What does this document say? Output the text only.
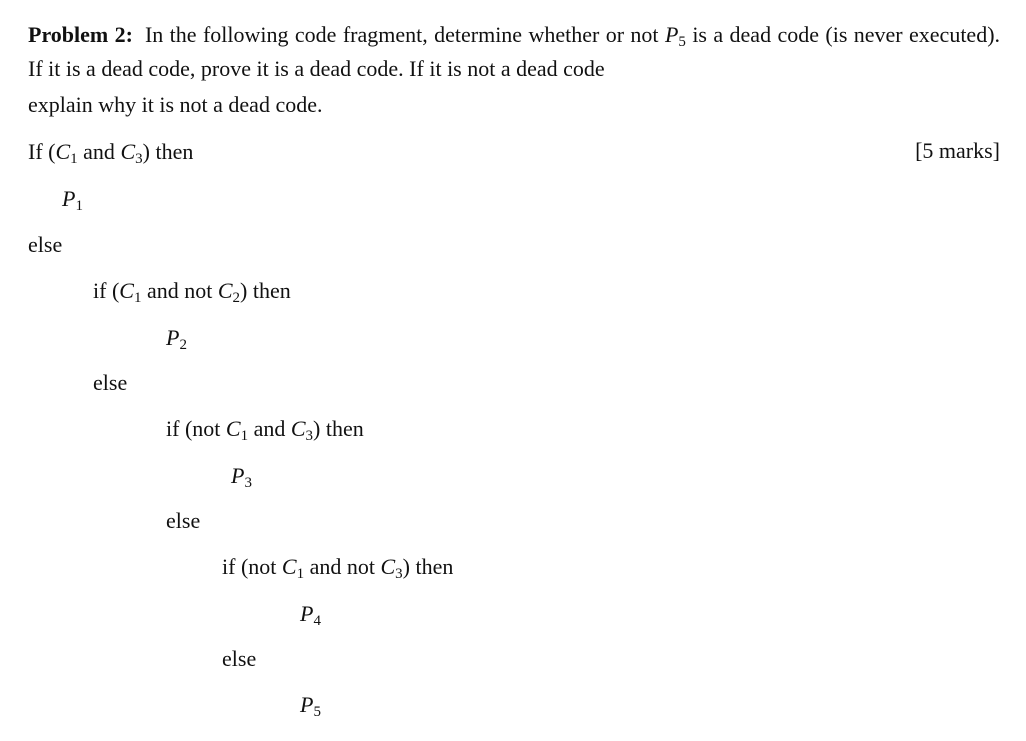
Problem 2: In the following code fragment, determine whether or not $P_5$ is a dead code (is never executed). If it is a dead code, prove it is a dead code. If it is not a dead code
explain why it is not a dead code.
[5 marks]
If ($C_1$ and $C_3$) then
$P_1$
else
if ($C_1$ and not $C_2$) then
$P_2$
else
if (not $C_1$ and $C_3$) then
$P_3$
else
if (not $C_1$ and not $C_3$) then
$P_4$
else
$P_5$
